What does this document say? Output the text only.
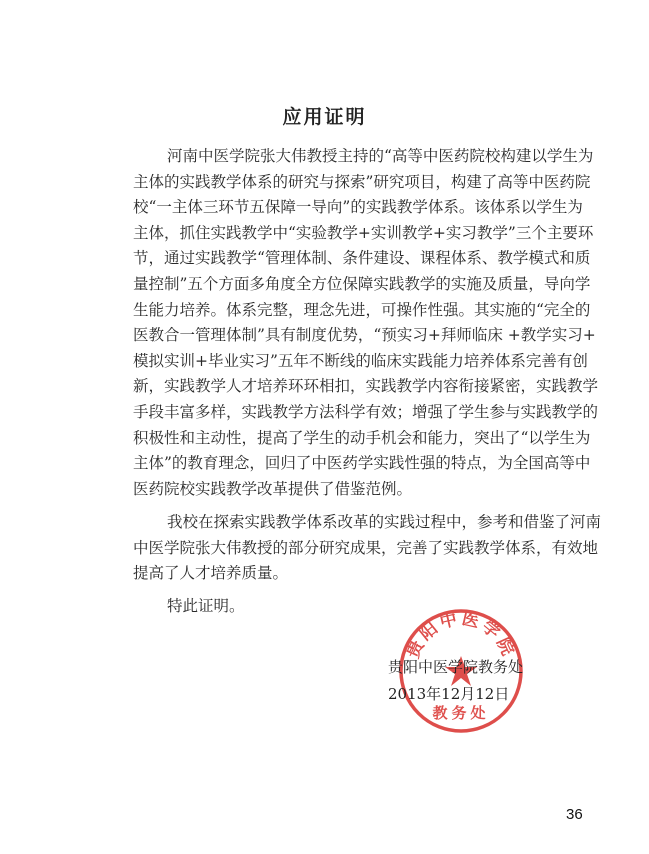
应用证明
河南中医学院张大伟教授主持的“高等中医药院校构建以学生为
主体的实践教学体系的研究与探索”研究项目，构建了高等中医药院
校“一主体三环节五保障一导向”的实践教学体系。该体系以学生为
主体，抓住实践教学中“实验教学+实训教学+实习教学”三个主要环
节，通过实践教学“管理体制、条件建设、课程体系、教学模式和质
量控制”五个方面多角度全方位保障实践教学的实施及质量，导向学
生能力培养。体系完整，理念先进，可操作性强。其实施的“完全的
医教合一管理体制”具有制度优势，“预实习+拜师临床 +教学实习+
模拟实训+毕业实习”五年不断线的临床实践能力培养体系完善有创
新，实践教学人才培养环环相扣，实践教学内容衔接紧密，实践教学
手段丰富多样，实践教学方法科学有效；增强了学生参与实践教学的
积极性和主动性，提高了学生的动手机会和能力，突出了“以学生为
主体”的教育理念，回归了中医药学实践性强的特点，为全国高等中
医药院校实践教学改革提供了借鉴范例。
我校在探索实践教学体系改革的实践过程中，参考和借鉴了河南
中医学院张大伟教授的部分研究成果，完善了实践教学体系，有效地
提高了人才培养质量。
特此证明。
贵阳中医学院
教务处
贵阳中医学院教务处
2013年12月12日
36
